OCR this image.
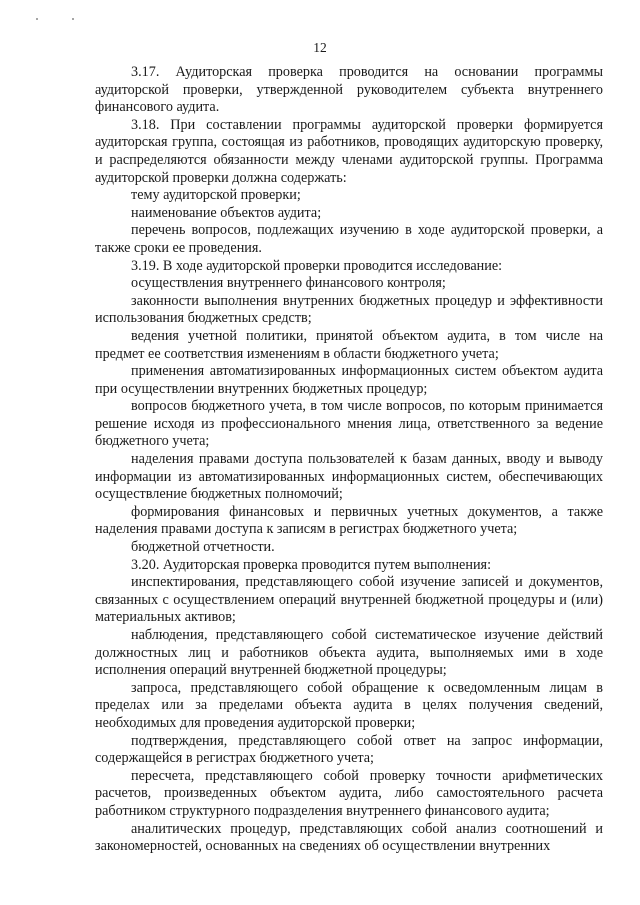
12

3.17. Аудиторская проверка проводится на основании программы аудиторской проверки, утвержденной руководителем субъекта внутреннего финансового аудита.

3.18. При составлении программы аудиторской проверки формируется аудиторская группа, состоящая из работников, проводящих аудиторскую проверку, и распределяются обязанности между членами аудиторской группы. Программа аудиторской проверки должна содержать:

тему аудиторской проверки;

наименование объектов аудита;

перечень вопросов, подлежащих изучению в ходе аудиторской проверки, а также сроки ее проведения.

3.19. В ходе аудиторской проверки проводится исследование:

осуществления внутреннего финансового контроля;

законности выполнения внутренних бюджетных процедур и эффективности использования бюджетных средств;

ведения учетной политики, принятой объектом аудита, в том числе на предмет ее соответствия изменениям в области бюджетного учета;

применения автоматизированных информационных систем объектом аудита при осуществлении внутренних бюджетных процедур;

вопросов бюджетного учета, в том числе вопросов, по которым принимается решение исходя из профессионального мнения лица, ответственного за ведение бюджетного учета;

наделения правами доступа пользователей к базам данных, вводу и выводу информации из автоматизированных информационных систем, обеспечивающих осуществление бюджетных полномочий;

формирования финансовых и первичных учетных документов, а также наделения правами доступа к записям в регистрах бюджетного учета;

бюджетной отчетности.

3.20. Аудиторская проверка проводится путем выполнения:

инспектирования, представляющего собой изучение записей и документов, связанных с осуществлением операций внутренней бюджетной процедуры и (или) материальных активов;

наблюдения, представляющего собой систематическое изучение действий должностных лиц и работников объекта аудита, выполняемых ими в ходе исполнения операций внутренней бюджетной процедуры;

запроса, представляющего собой обращение к осведомленным лицам в пределах или за пределами объекта аудита в целях получения сведений, необходимых для проведения аудиторской проверки;

подтверждения, представляющего собой ответ на запрос информации, содержащейся в регистрах бюджетного учета;

пересчета, представляющего собой проверку точности арифметических расчетов, произведенных объектом аудита, либо самостоятельного расчета работником структурного подразделения внутреннего финансового аудита;

аналитических процедур, представляющих собой анализ соотношений и закономерностей, основанных на сведениях об осуществлении внутренних
